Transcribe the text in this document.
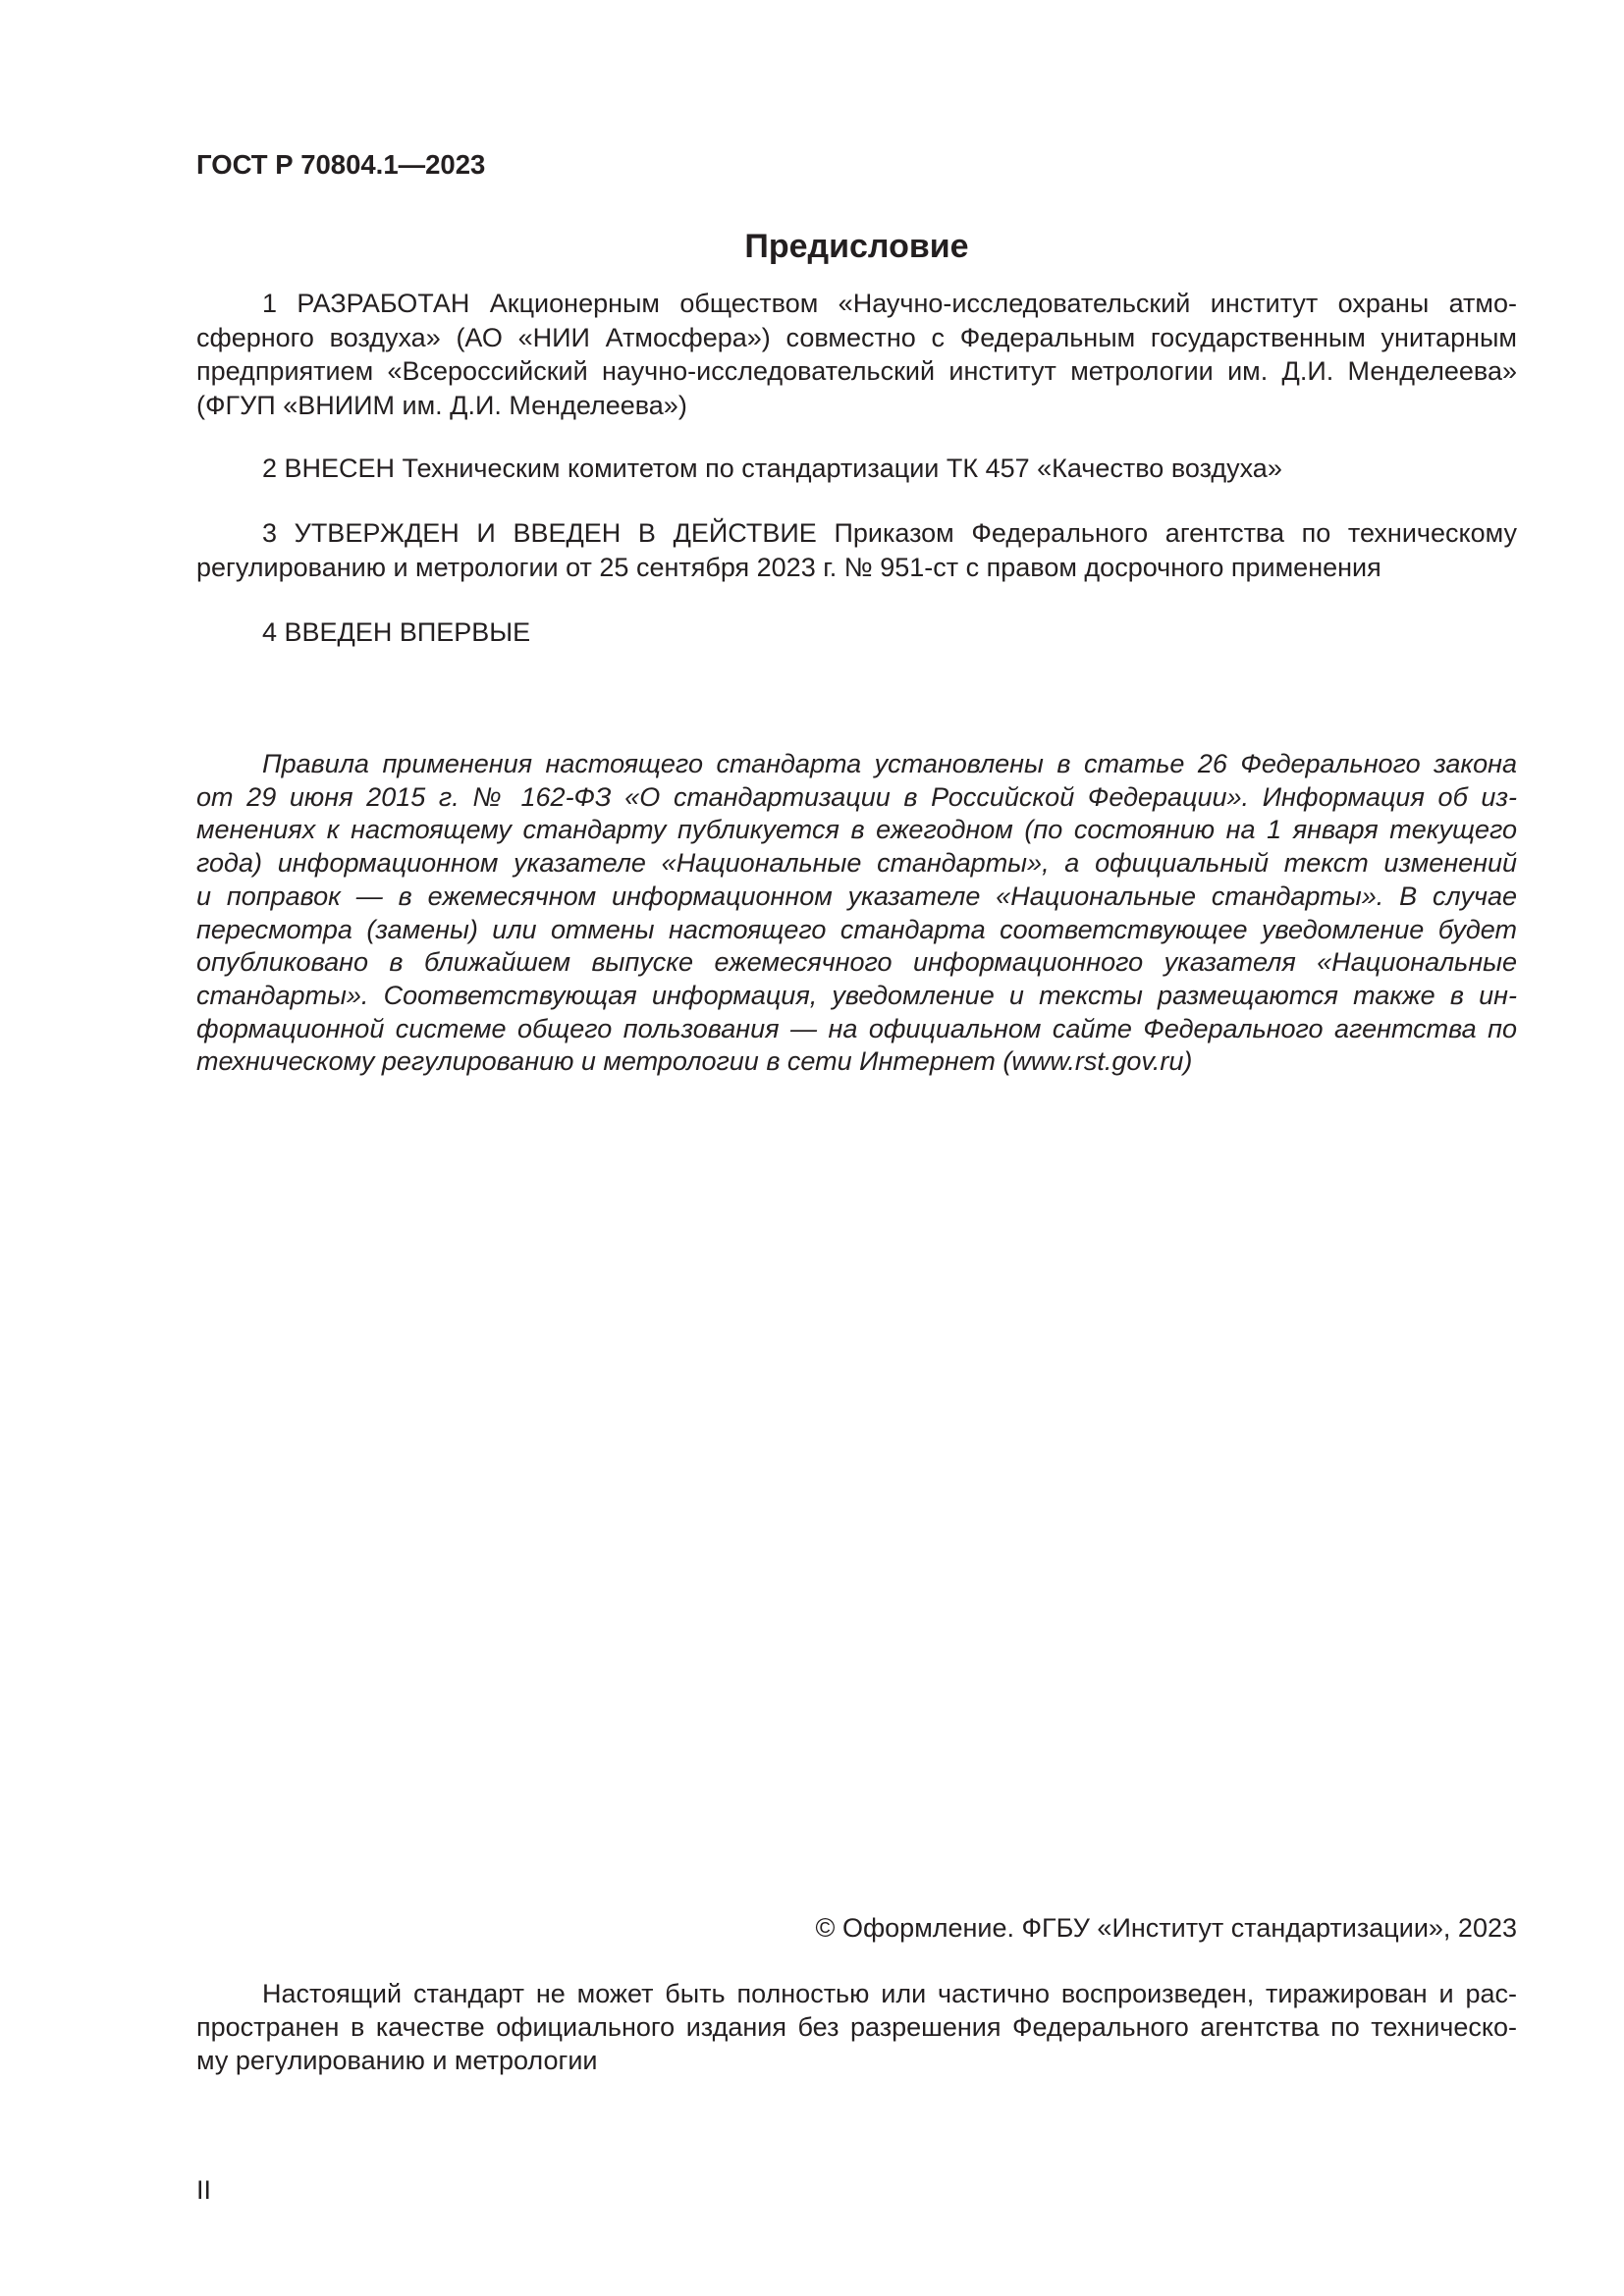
ГОСТ Р 70804.1—2023
Предисловие
1 РАЗРАБОТАН Акционерным обществом «Научно-исследовательский институт охраны атмо-
сферного воздуха» (АО «НИИ Атмосфера») совместно с Федеральным государственным унитарным
предприятием «Всероссийский научно-исследовательский институт метрологии им. Д.И. Менделеева»
(ФГУП «ВНИИМ им. Д.И. Менделеева»)
2 ВНЕСЕН Техническим комитетом по стандартизации ТК 457 «Качество воздуха»
3 УТВЕРЖДЕН И ВВЕДЕН В ДЕЙСТВИЕ Приказом Федерального агентства по техническому
регулированию и метрологии от 25 сентября 2023 г. № 951-ст с правом досрочного применения
4 ВВЕДЕН ВПЕРВЫЕ
Правила применения настоящего стандарта установлены в статье 26 Федерального закона
от 29 июня 2015 г. № 162-ФЗ «О стандартизации в Российской Федерации». Информация об из-
менениях к настоящему стандарту публикуется в ежегодном (по состоянию на 1 января текущего
года) информационном указателе «Национальные стандарты», а официальный текст изменений
и поправок — в ежемесячном информационном указателе «Национальные стандарты». В случае
пересмотра (замены) или отмены настоящего стандарта соответствующее уведомление будет
опубликовано в ближайшем выпуске ежемесячного информационного указателя «Национальные
стандарты». Соответствующая информация, уведомление и тексты размещаются также в ин-
формационной системе общего пользования — на официальном сайте Федерального агентства по
техническому регулированию и метрологии в сети Интернет (www.rst.gov.ru)
© Оформление. ФГБУ «Институт стандартизации», 2023
Настоящий стандарт не может быть полностью или частично воспроизведен, тиражирован и рас-
пространен в качестве официального издания без разрешения Федерального агентства по техническо-
му регулированию и метрологии
II
